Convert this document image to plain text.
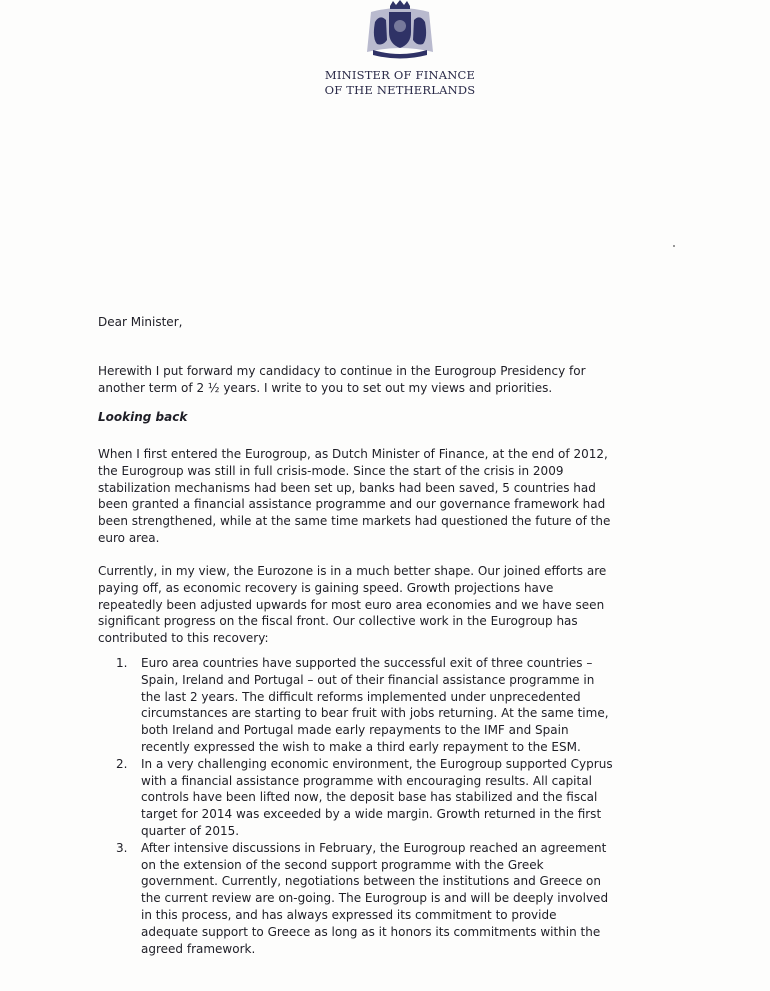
MINISTER OF FINANCE
OF THE NETHERLANDS
Dear Minister,
Herewith I put forward my candidacy to continue in the Eurogroup Presidency for another term of 2 ½ years. I write to you to set out my views and priorities.
Looking back
When I first entered the Eurogroup, as Dutch Minister of Finance, at the end of 2012, the Eurogroup was still in full crisis-mode. Since the start of the crisis in 2009 stabilization mechanisms had been set up, banks had been saved, 5 countries had been granted a financial assistance programme and our governance framework had been strengthened, while at the same time markets had questioned the future of the euro area.
Currently, in my view, the Eurozone is in a much better shape. Our joined efforts are paying off, as economic recovery is gaining speed. Growth projections have repeatedly been adjusted upwards for most euro area economies and we have seen significant progress on the fiscal front. Our collective work in the Eurogroup has contributed to this recovery:
1. Euro area countries have supported the successful exit of three countries – Spain, Ireland and Portugal – out of their financial assistance programme in the last 2 years. The difficult reforms implemented under unprecedented circumstances are starting to bear fruit with jobs returning. At the same time, both Ireland and Portugal made early repayments to the IMF and Spain recently expressed the wish to make a third early repayment to the ESM.
2. In a very challenging economic environment, the Eurogroup supported Cyprus with a financial assistance programme with encouraging results. All capital controls have been lifted now, the deposit base has stabilized and the fiscal target for 2014 was exceeded by a wide margin. Growth returned in the first quarter of 2015.
3. After intensive discussions in February, the Eurogroup reached an agreement on the extension of the second support programme with the Greek government. Currently, negotiations between the institutions and Greece on the current review are on-going. The Eurogroup is and will be deeply involved in this process, and has always expressed its commitment to provide adequate support to Greece as long as it honors its commitments within the agreed framework.
